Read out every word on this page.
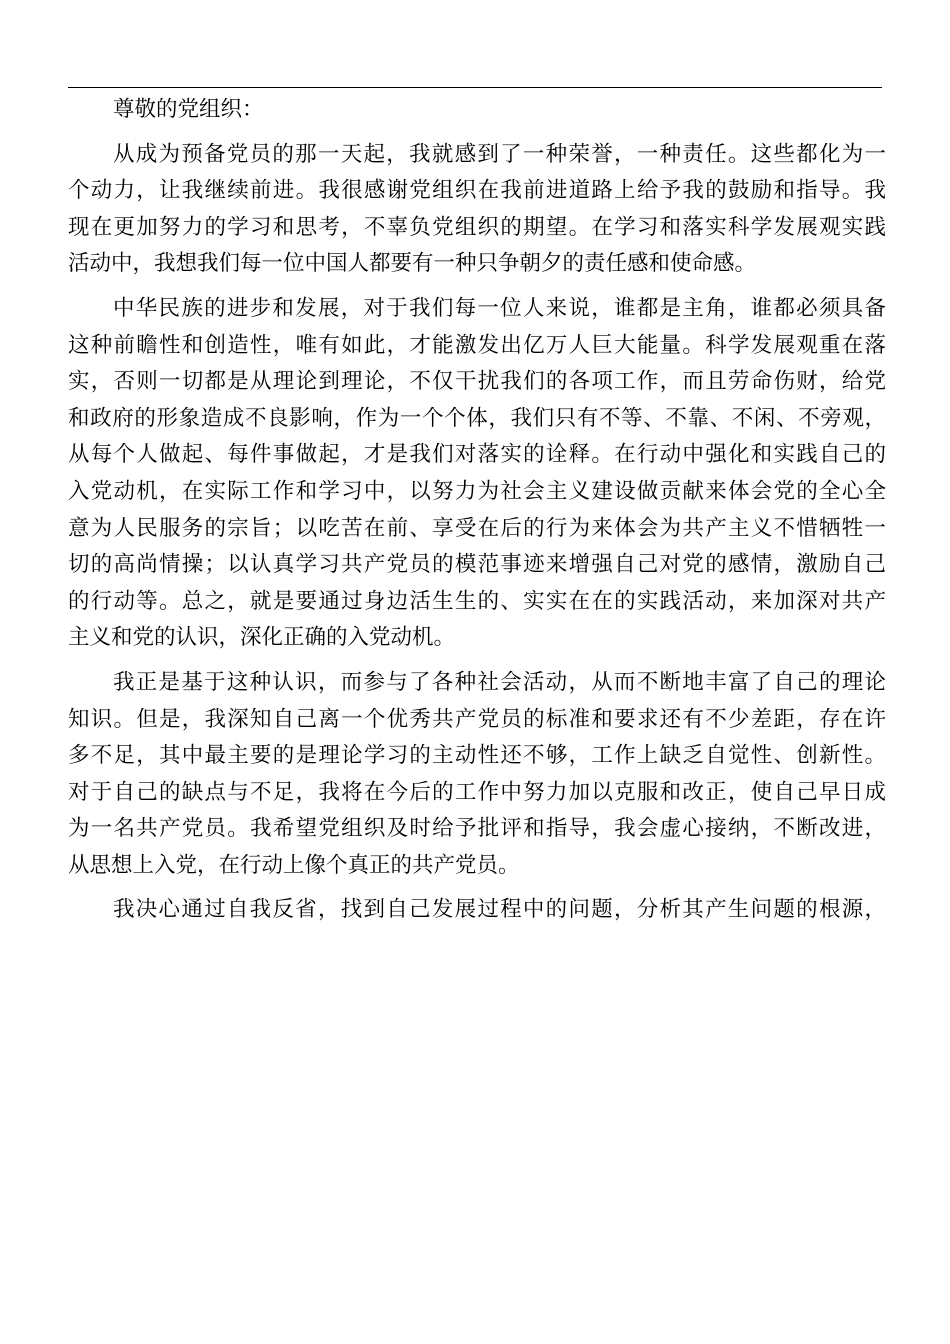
尊敬的党组织：
从成为预备党员的那一天起，我就感到了一种荣誉，一种责任。这些都化为一
个动力，让我继续前进。我很感谢党组织在我前进道路上给予我的鼓励和指导。我
现在更加努力的学习和思考，不辜负党组织的期望。在学习和落实科学发展观实践
活动中，我想我们每一位中国人都要有一种只争朝夕的责任感和使命感。
中华民族的进步和发展，对于我们每一位人来说，谁都是主角，谁都必须具备
这种前瞻性和创造性，唯有如此，才能激发出亿万人巨大能量。科学发展观重在落
实，否则一切都是从理论到理论，不仅干扰我们的各项工作，而且劳命伤财，给党
和政府的形象造成不良影响，作为一个个体，我们只有不等、不靠、不闲、不旁观，
从每个人做起、每件事做起，才是我们对落实的诠释。在行动中强化和实践自己的
入党动机，在实际工作和学习中，以努力为社会主义建设做贡献来体会党的全心全
意为人民服务的宗旨；以吃苦在前、享受在后的行为来体会为共产主义不惜牺牲一
切的高尚情操；以认真学习共产党员的模范事迹来增强自己对党的感情，激励自己
的行动等。总之，就是要通过身边活生生的、实实在在的实践活动，来加深对共产
主义和党的认识，深化正确的入党动机。
我正是基于这种认识，而参与了各种社会活动，从而不断地丰富了自己的理论
知识。但是，我深知自己离一个优秀共产党员的标准和要求还有不少差距，存在许
多不足，其中最主要的是理论学习的主动性还不够，工作上缺乏自觉性、创新性。
对于自己的缺点与不足，我将在今后的工作中努力加以克服和改正，使自己早日成
为一名共产党员。我希望党组织及时给予批评和指导，我会虚心接纳，不断改进，
从思想上入党，在行动上像个真正的共产党员。
我决心通过自我反省，找到自己发展过程中的问题，分析其产生问题的根源，
